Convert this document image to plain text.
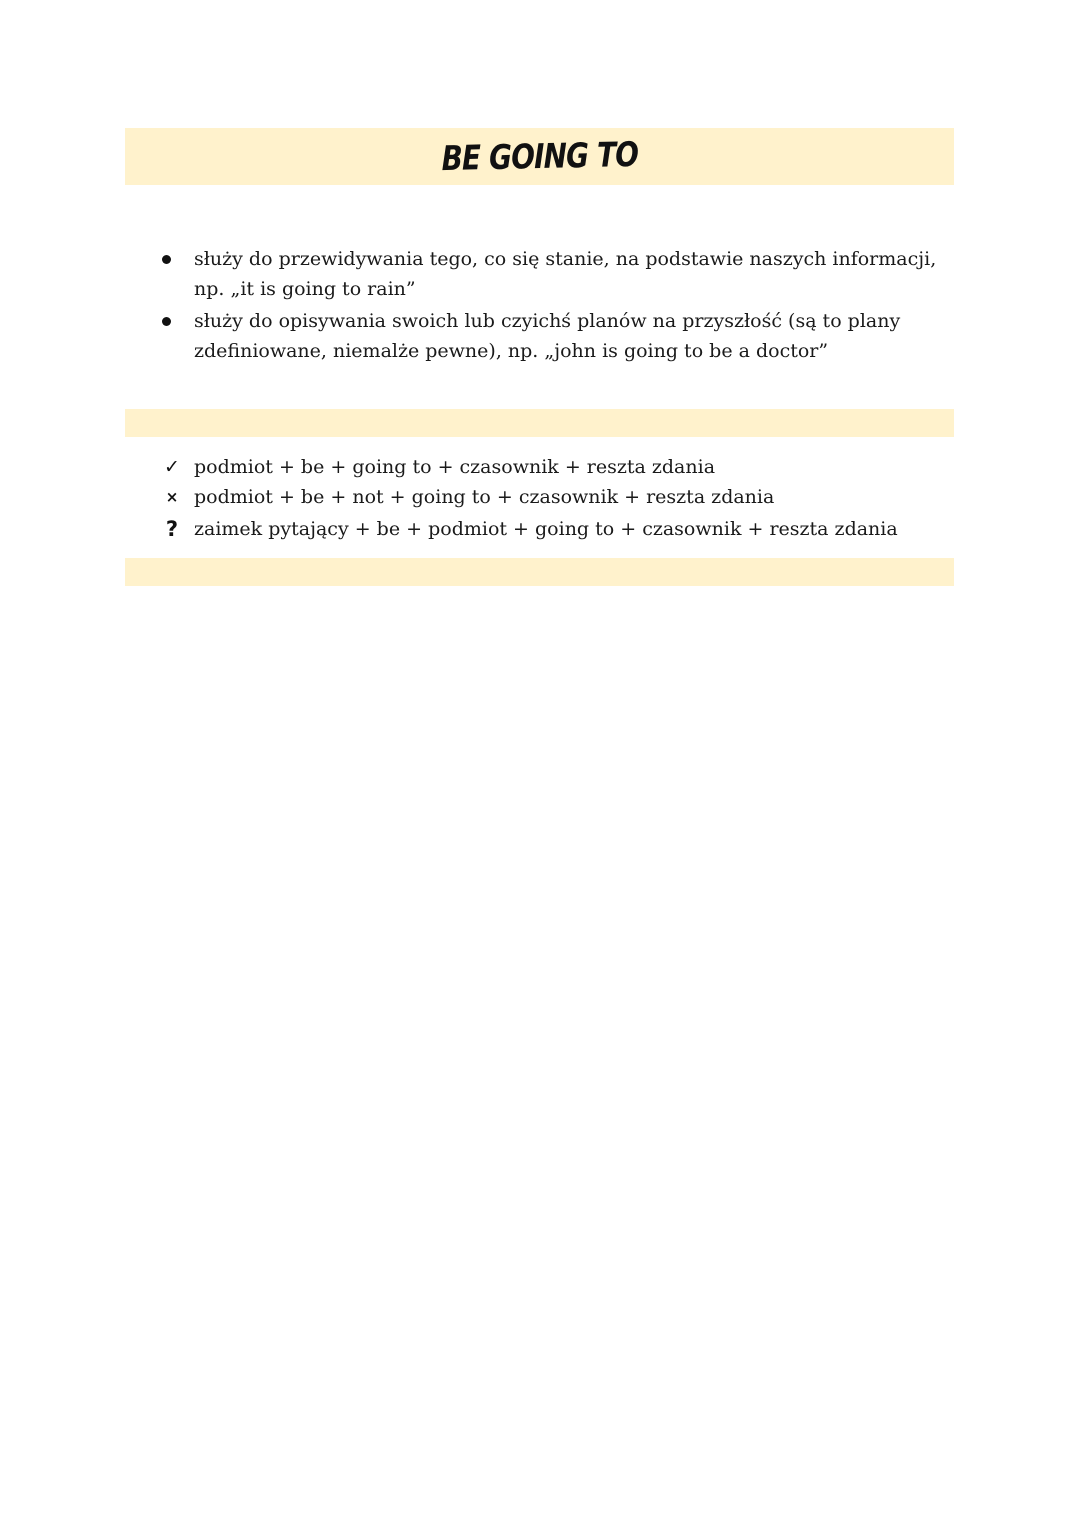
BE GOING TO
służy do przewidywania tego, co się stanie, na podstawie naszych informacji, np. „it is going to rain”
służy do opisywania swoich lub czyichś planów na przyszłość (są to plany zdefiniowane, niemalże pewne), np. „john is going to be a doctor”
✓ podmiot + be + going to + czasownik + reszta zdania
× podmiot + be + not + going to + czasownik + reszta zdania
? zaimek pytający + be + podmiot + going to + czasownik + reszta zdania
